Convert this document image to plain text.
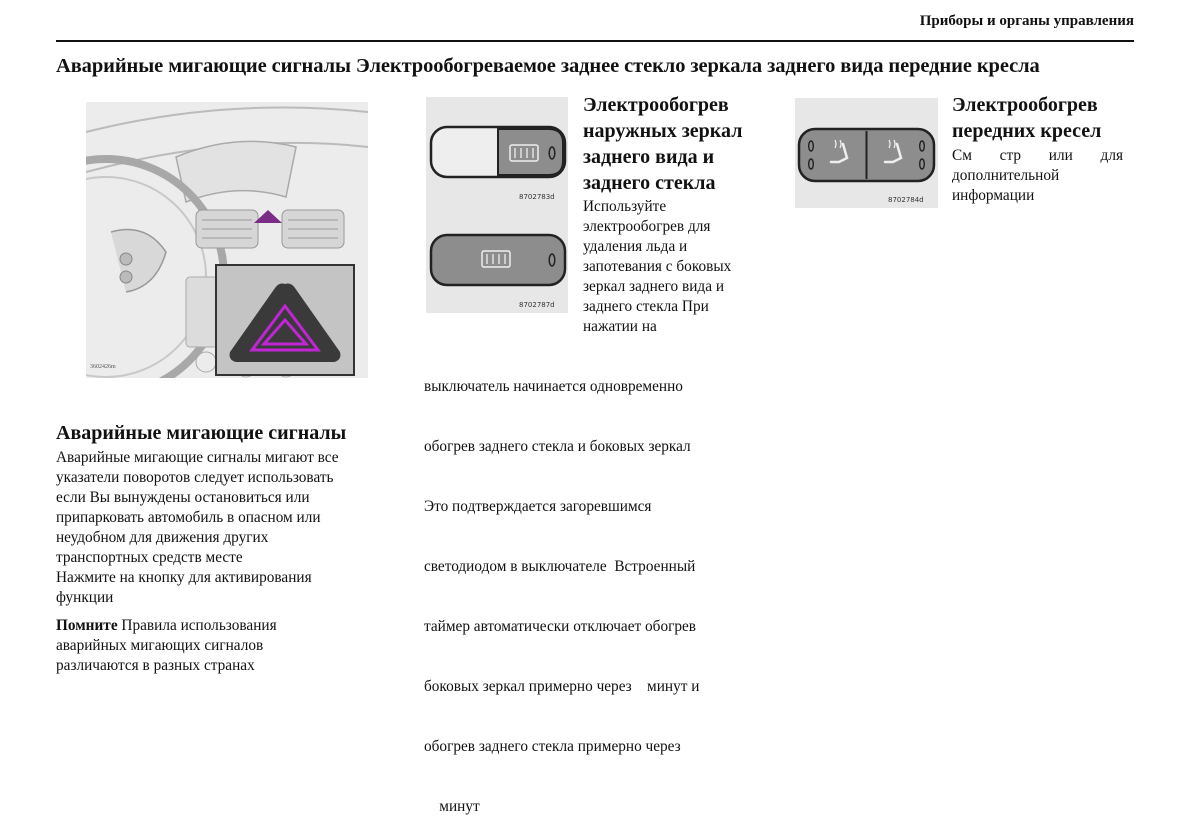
Приборы и органы управления
Аварийные мигающие сигналы Электрообогреваемое заднее стекло зеркала заднего вида передние кресла
3602426m
Аварийные мигающие сигналы

Аварийные мигающие сигналы мигают все

указатели поворотов следует использовать

если Вы вынуждены остановиться или

припарковать автомобиль в опасном или

неудобном для движения других

транспортных средств месте

Нажмите на кнопку для активирования

функции

Помните Правила использования

аварийных мигающих сигналов

различаются в разных странах

8702783d
8702787d

Электрообогрев

наружных зеркал

заднего вида и

заднего стекла

Используйте

электрообогрев для

удаления льда и

запотевания с боковых

зеркал заднего вида и

заднего стекла При

нажатии на

выключатель начинается одновременно

обогрев заднего стекла и боковых зеркал

Это подтверждается загоревшимся

светодиодом в выключателе  Встроенный

таймер автоматически отключает обогрев

боковых зеркал примерно через    минут и

обогрев заднего стекла примерно через

минут

8702784d

Электрообогрев

передних кресел

См стр или для

дополнительной

информации
